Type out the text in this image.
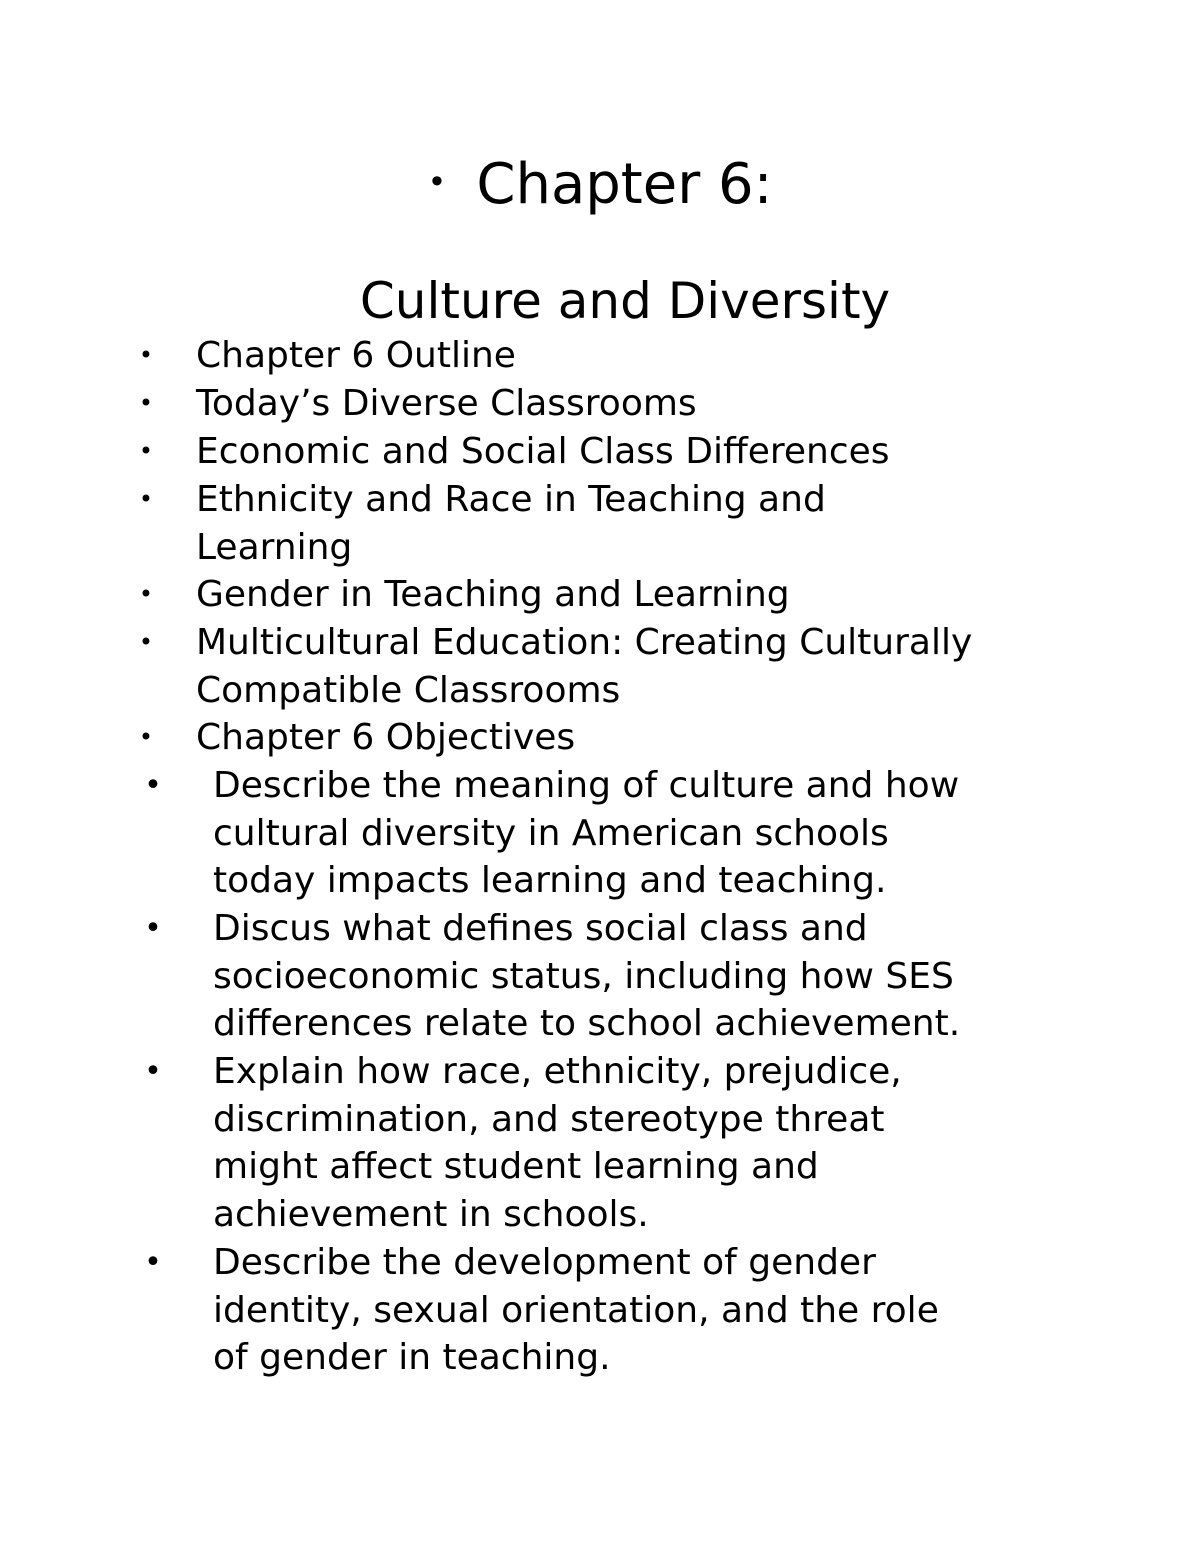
• Chapter 6:
Culture and Diversity
• Chapter 6 Outline
• Today’s Diverse Classrooms
• Economic and Social Class Differences
• Ethnicity and Race in Teaching and
Learning
• Gender in Teaching and Learning
• Multicultural Education: Creating Culturally
Compatible Classrooms
• Chapter 6 Objectives
• Describe the meaning of culture and how
cultural diversity in American schools
today impacts learning and teaching.
• Discus what defines social class and
socioeconomic status, including how SES
differences relate to school achievement.
• Explain how race, ethnicity, prejudice,
discrimination, and stereotype threat
might affect student learning and
achievement in schools.
• Describe the development of gender
identity, sexual orientation, and the role
of gender in teaching.
